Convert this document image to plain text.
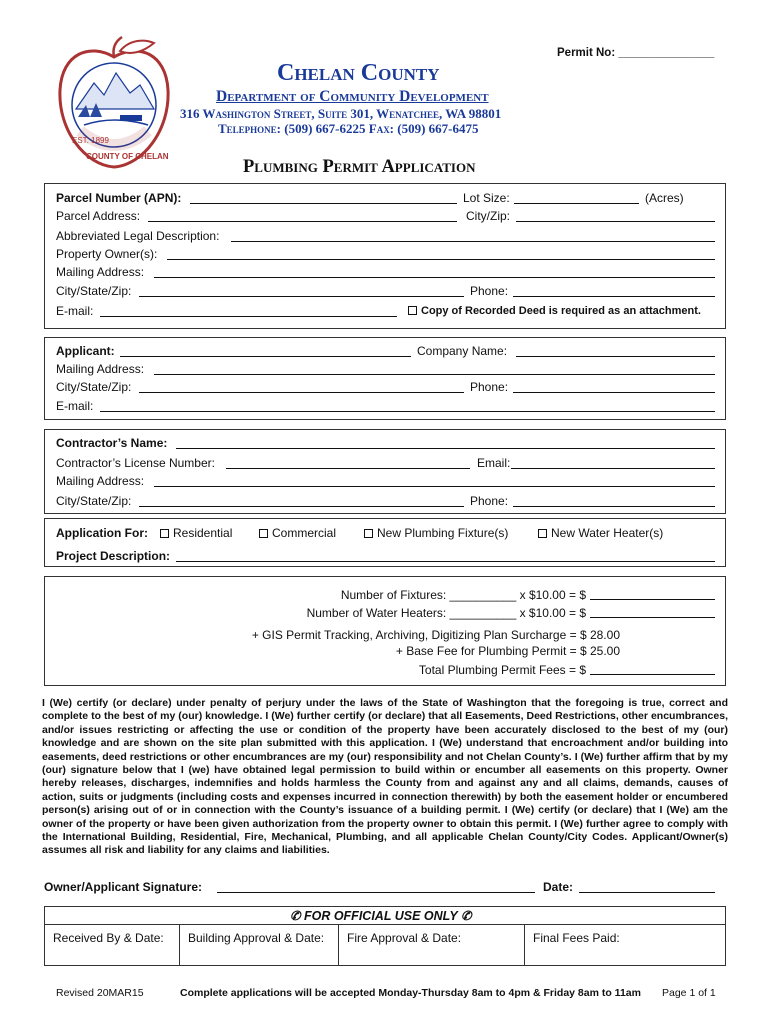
EST. 1899
COUNTY OF CHELAN
Permit No: _______________
Chelan County
Department of Community Development
316 Washington Street, Suite 301, Wenatchee, WA 98801
Telephone: (509) 667-6225 Fax: (509) 667-6475
Plumbing Permit Application
Parcel Number (APN):	Lot Size:	(Acres)
Parcel Address:	City/Zip:
Abbreviated Legal Description:
Property Owner(s):
Mailing Address:
City/State/Zip:	Phone:
E-mail:	Copy of Recorded Deed is required as an attachment.
Applicant:	Company Name:
Mailing Address:
City/State/Zip:	Phone:
E-mail:
Contractor’s Name:
Contractor’s License Number:	Email:
Mailing Address:
City/State/Zip:	Phone:
Application For:	Residential	Commercial	New Plumbing Fixture(s)	New Water Heater(s)
Project Description:
Number of Fixtures: __________ x $10.00 = $
Number of Water Heaters: __________ x $10.00 = $
+ GIS Permit Tracking, Archiving, Digitizing Plan Surcharge = $ 28.00
+ Base Fee for Plumbing Permit = $ 25.00
Total Plumbing Permit Fees = $
I (We) certify (or declare) under penalty of perjury under the laws of the State of Washington that the foregoing is true, correct and complete to the best of my (our) knowledge. I (We) further certify (or declare) that all Easements, Deed Restrictions, other encumbrances, and/or issues restricting or affecting the use or condition of the property have been accurately disclosed to the best of my (our) knowledge and are shown on the site plan submitted with this application. I (We) understand that encroachment and/or building into easements, deed restrictions or other encumbrances are my (our) responsibility and not Chelan County’s. I (We) further affirm that by my (our) signature below that I (we) have obtained legal permission to build within or encumber all easements on this property. Owner hereby releases, discharges, indemnifies and holds harmless the County from and against any and all claims, demands, causes of action, suits or judgments (including costs and expenses incurred in connection therewith) by both the easement holder or encumbered person(s) arising out of or in connection with the County’s issuance of a building permit. I (We) certify (or declare) that I (We) am the owner of the property or have been given authorization from the property owner to obtain this permit. I (We) further agree to comply with the International Building, Residential, Fire, Mechanical, Plumbing, and all applicable Chelan County/City Codes. Applicant/Owner(s) assumes all risk and liability for any claims and liabilities.
Owner/Applicant Signature:	Date:
✆ FOR OFFICIAL USE ONLY ✆
Received By & Date:	Building Approval & Date:	Fire Approval & Date:	Final Fees Paid:
Revised 20MAR15	Complete applications will be accepted Monday-Thursday 8am to 4pm & Friday 8am to 11am Page 1 of 1
